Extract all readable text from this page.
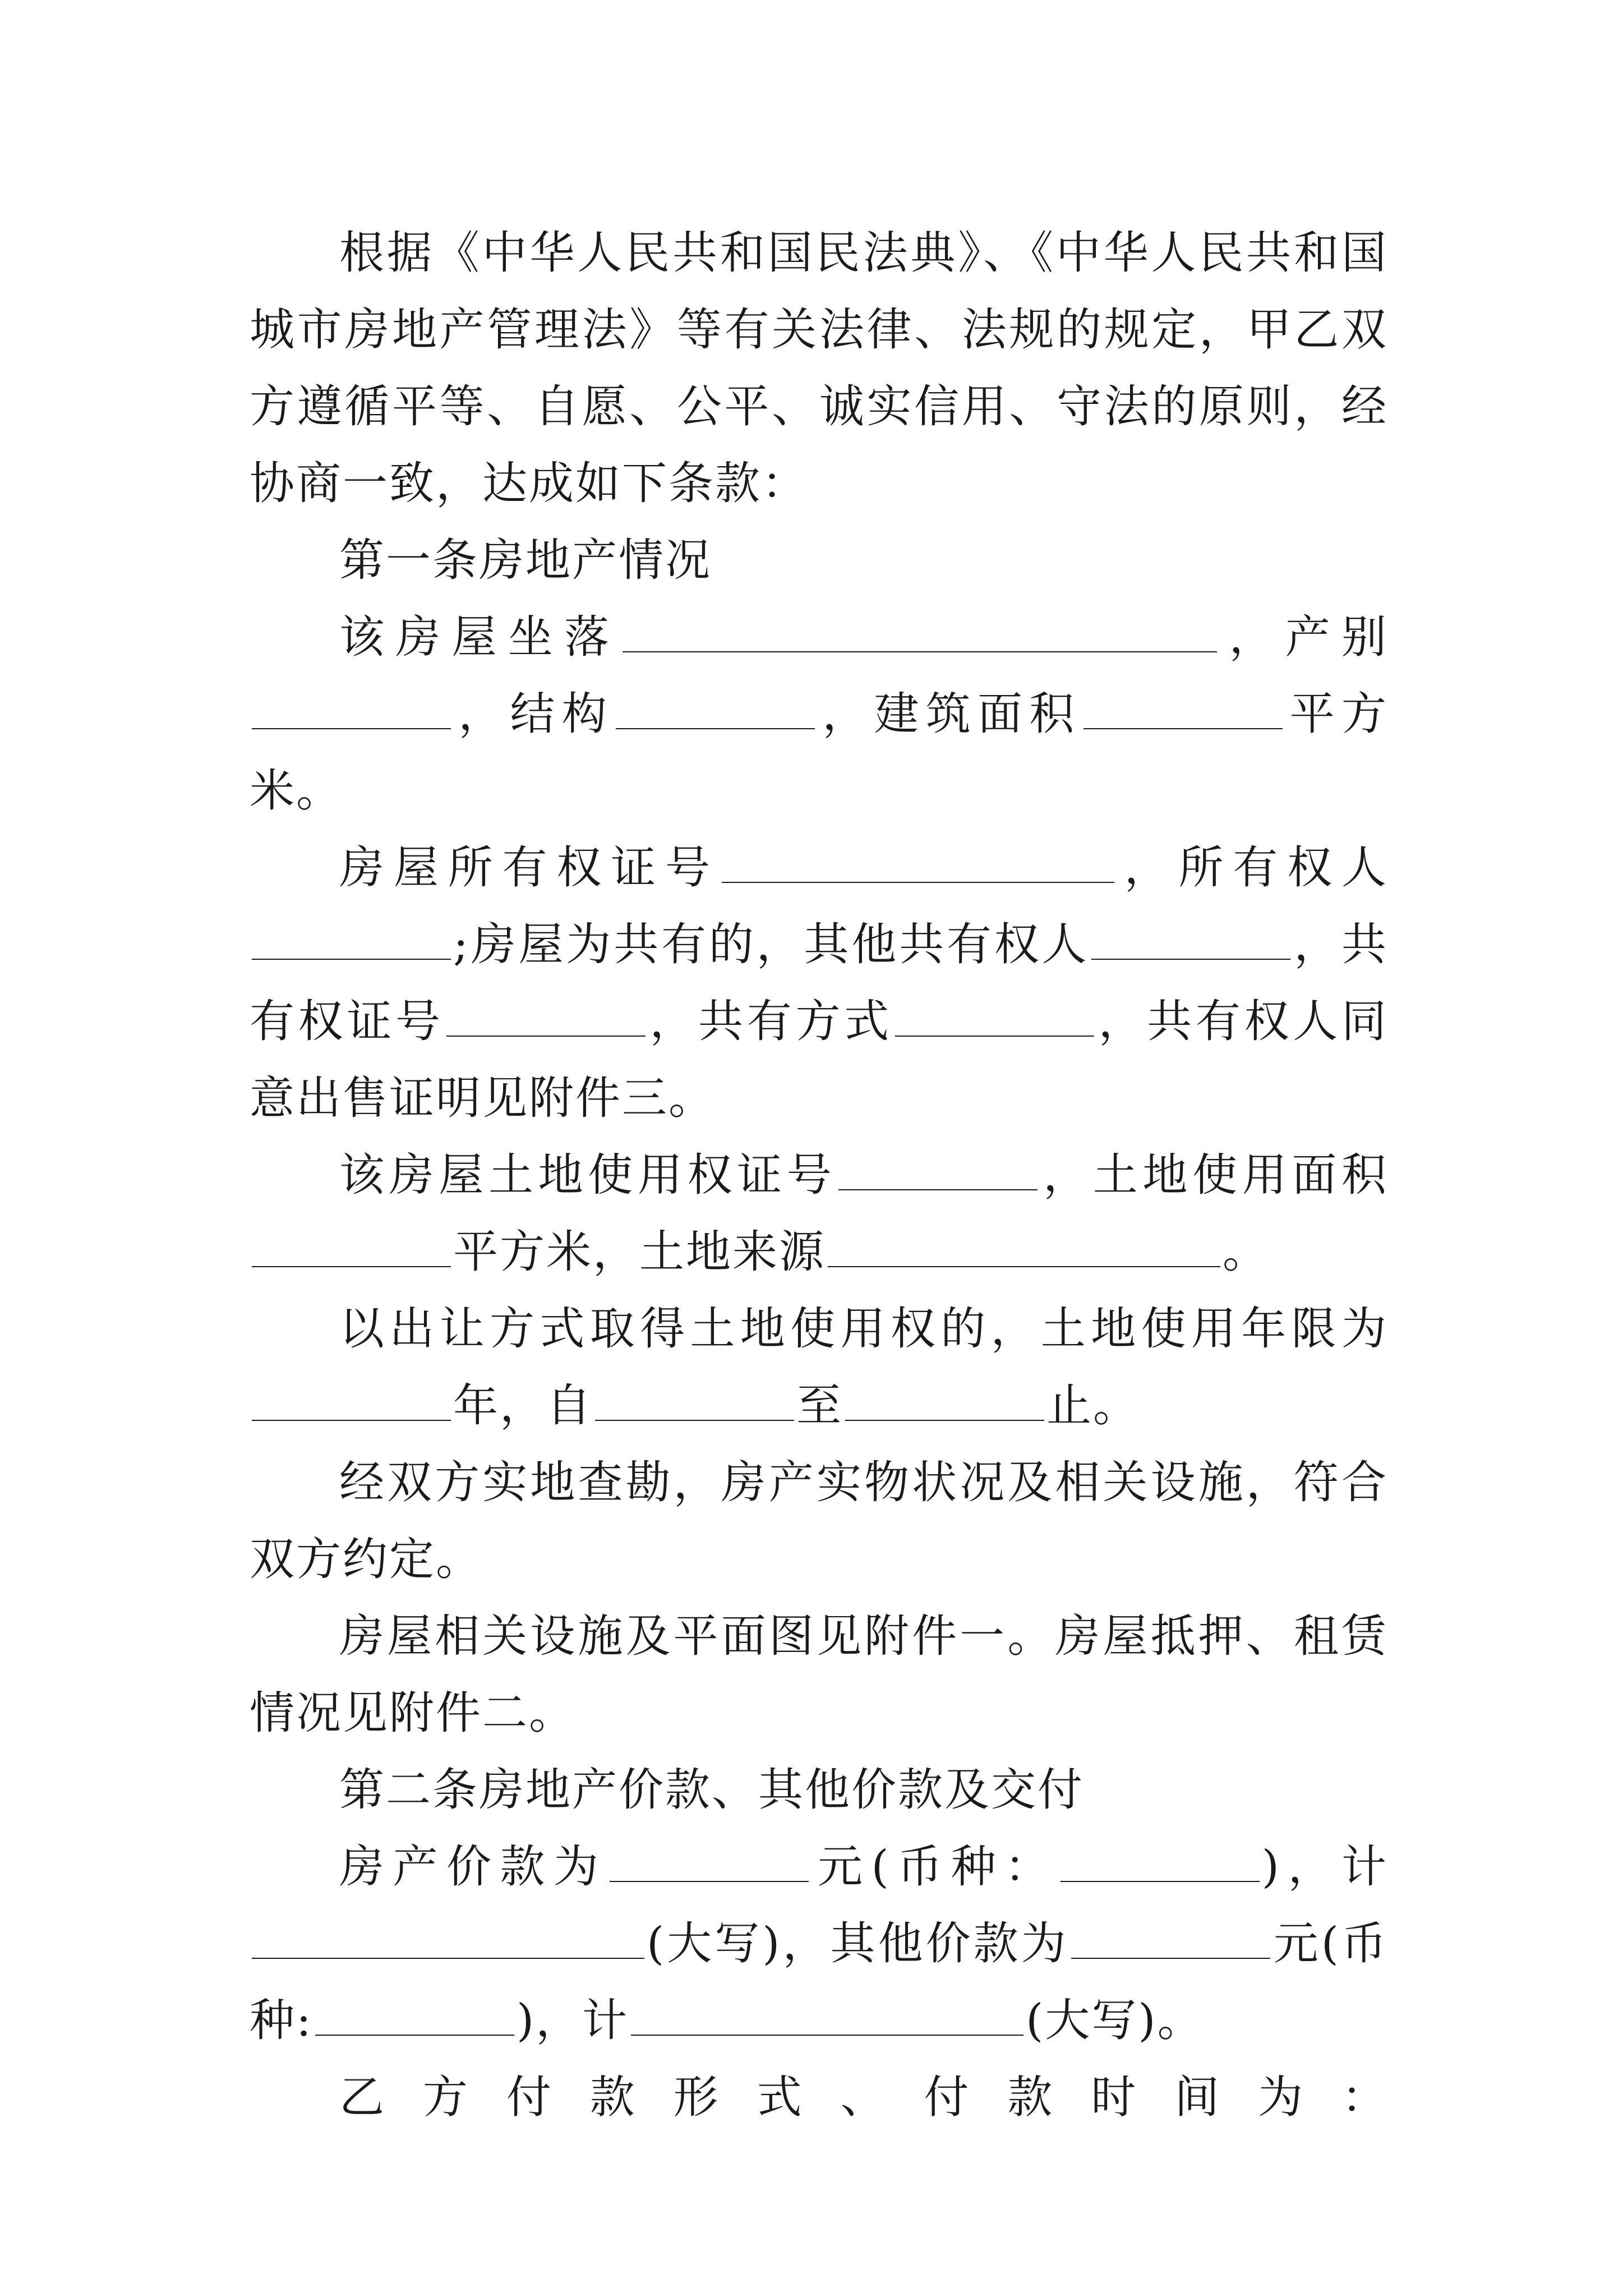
根据《中华人民共和国民法典》、《中华人民共和国城市房地产管理法》等有关法律、法规的规定，甲乙双方遵循平等、自愿、公平、诚实信用、守法的原则，经协商一致，达成如下条款：

第一条房地产情况

该房屋坐落	，产别，结构	，建筑面积	平方米。

房屋所有权证号	，所有权人;房屋为共有的，其他共有权人	，共有权证号	，共有方式	，共有权人同意出售证明见附件三。

该房屋土地使用权证号	，土地使用面积平方米，土地来源	。

以出让方式取得土地使用权的，土地使用年限为年，自	至	止。

经双方实地查勘，房产实物状况及相关设施，符合双方约定。

房屋相关设施及平面图见附件一。房屋抵押、租赁情况见附件二。

第二条房地产价款、其他价款及交付

房产价款为	元(币种：	)，计(大写)，其他价款为	元(币种:	)，计	(大写)。

乙方付款形式、付款时间为：
